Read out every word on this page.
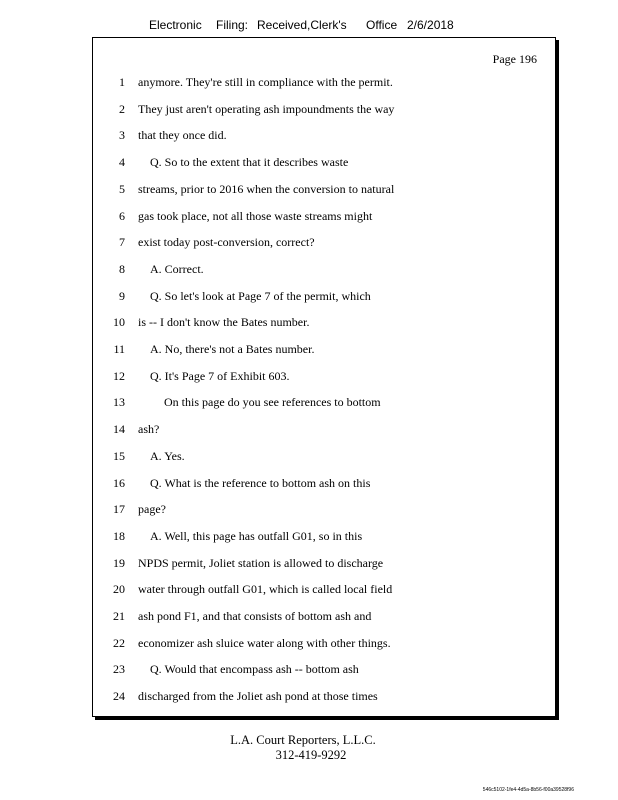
Electronic Filing: Received,Clerk's Office 2/6/2018
Page 196
1 anymore. They're still in compliance with the permit.
2 They just aren't operating ash impoundments the way
3 that they once did.
4 Q. So to the extent that it describes waste
5 streams, prior to 2016 when the conversion to natural
6 gas took place, not all those waste streams might
7 exist today post-conversion, correct?
8 A. Correct.
9 Q. So let's look at Page 7 of the permit, which
10 is -- I don't know the Bates number.
11 A. No, there's not a Bates number.
12 Q. It's Page 7 of Exhibit 603.
13	On this page do you see references to bottom
14 ash?
15 A. Yes.
16 Q. What is the reference to bottom ash on this
17 page?
18 A. Well, this page has outfall G01, so in this
19 NPDS permit, Joliet station is allowed to discharge
20 water through outfall G01, which is called local field
21 ash pond F1, and that consists of bottom ash and
22 economizer ash sluice water along with other things.
23 Q. Would that encompass ash -- bottom ash
24 discharged from the Joliet ash pond at those times
L.A. Court Reporters, L.L.C.
312-419-9292
546c5102-1fe4-4d5a-8b56-f00a39528f96
